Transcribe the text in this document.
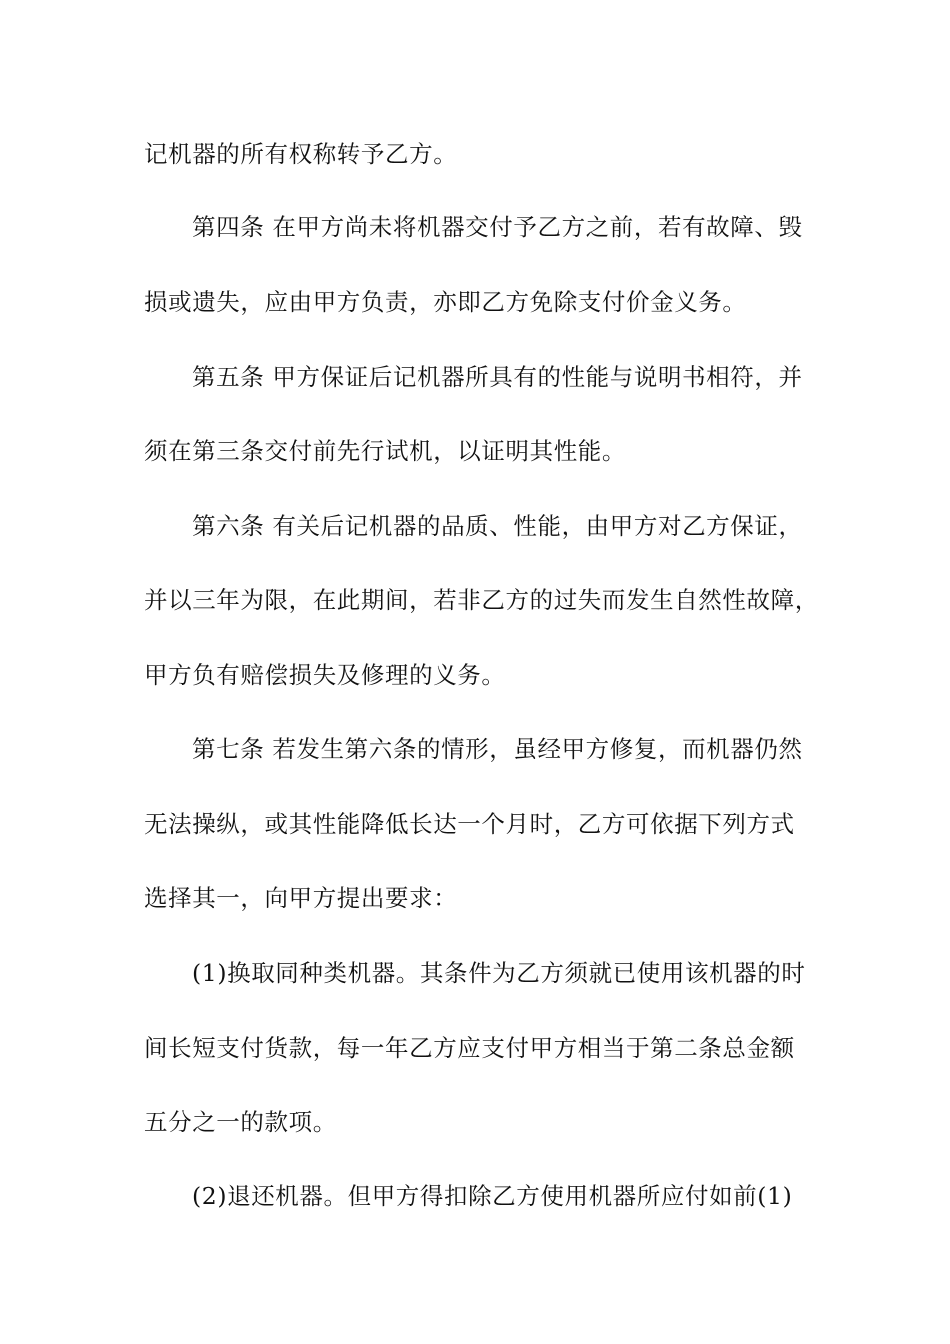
记机器的所有权称转予乙方。
第四条 在甲方尚未将机器交付予乙方之前，若有故障、毁
损或遗失，应由甲方负责，亦即乙方免除支付价金义务。
第五条 甲方保证后记机器所具有的性能与说明书相符，并
须在第三条交付前先行试机，以证明其性能。
第六条 有关后记机器的品质、性能，由甲方对乙方保证，
并以三年为限，在此期间，若非乙方的过失而发生自然性故障，
甲方负有赔偿损失及修理的义务。
第七条 若发生第六条的情形，虽经甲方修复，而机器仍然
无法操纵，或其性能降低长达一个月时，乙方可依据下列方式
选择其一，向甲方提出要求：
(1)换取同种类机器。其条件为乙方须就已使用该机器的时
间长短支付货款，每一年乙方应支付甲方相当于第二条总金额
五分之一的款项。
(2)退还机器。但甲方得扣除乙方使用机器所应付如前(1)
